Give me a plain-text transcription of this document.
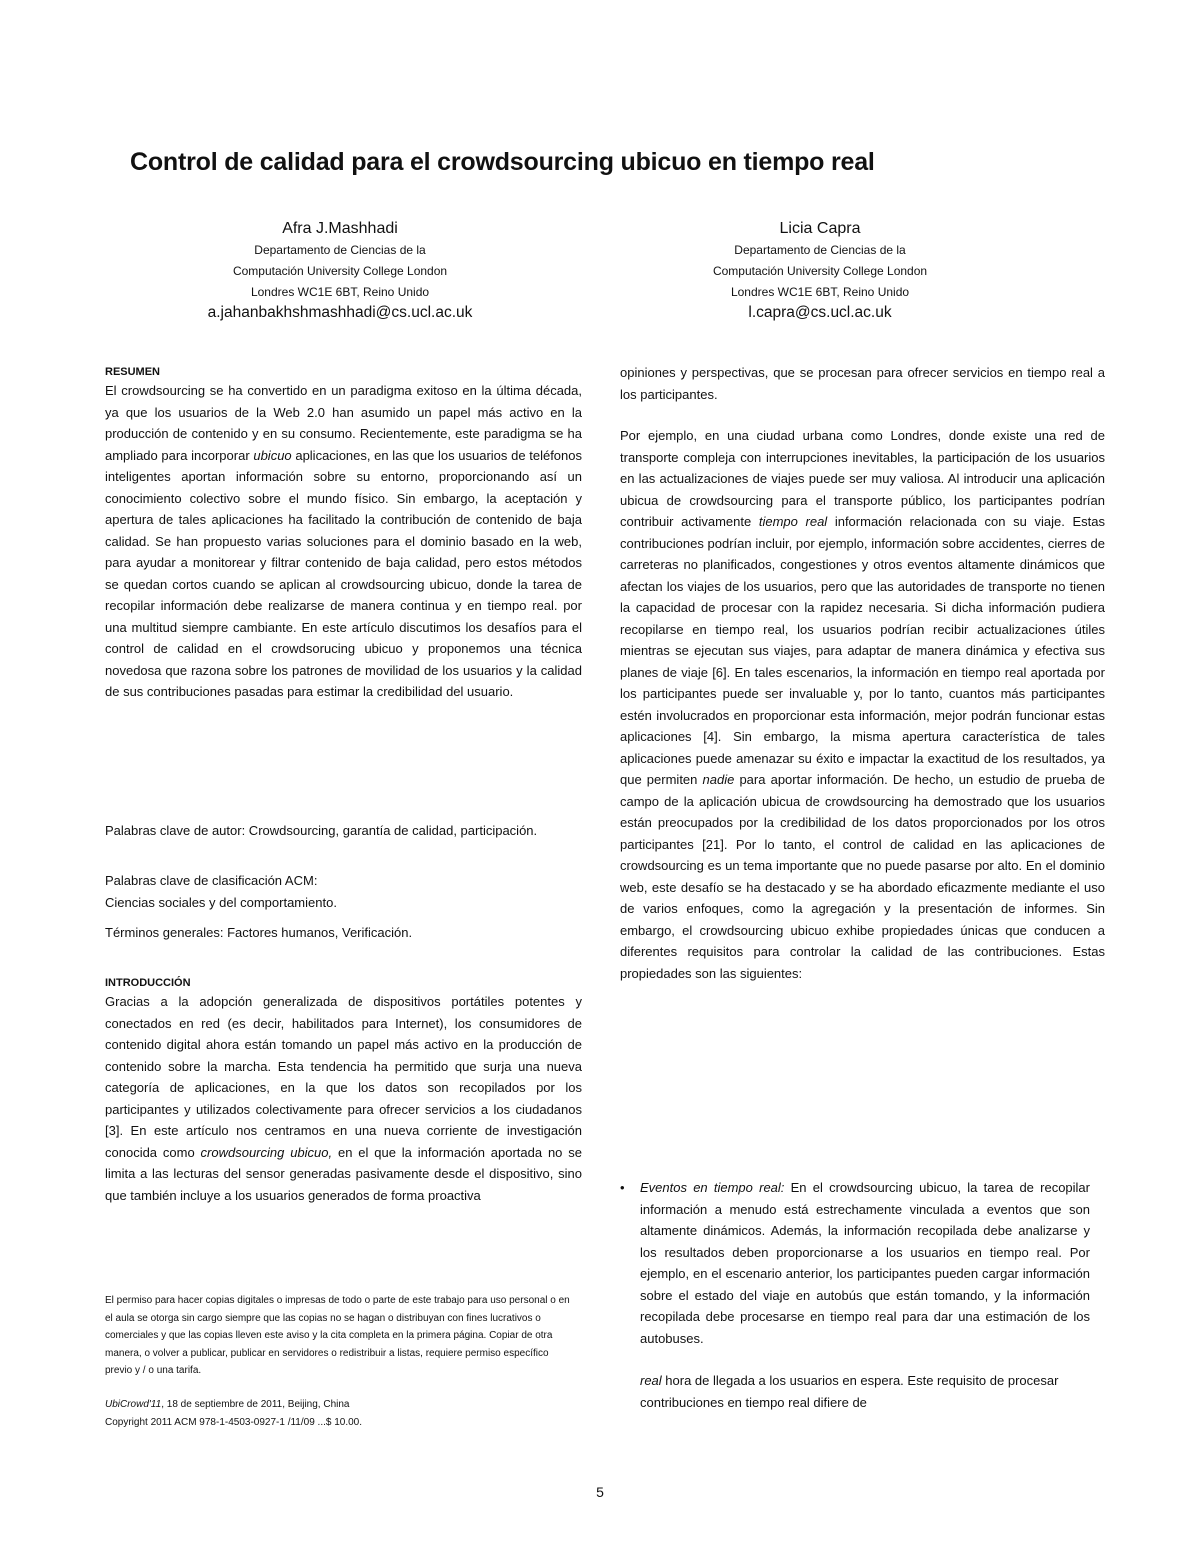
Control de calidad para el crowdsourcing ubicuo en tiempo real
Afra J.Mashhadi
Departamento de Ciencias de la
Computación University College London
Londres WC1E 6BT, Reino Unido
a.jahanbakhshmashhadi@cs.ucl.ac.uk
Licia Capra
Departamento de Ciencias de la
Computación University College London
Londres WC1E 6BT, Reino Unido
l.capra@cs.ucl.ac.uk
RESUMEN

El crowdsourcing se ha convertido en un paradigma exitoso en la última década, ya que los usuarios de la Web 2.0 han asumido un papel más activo en la producción de contenido y en su consumo. Recientemente, este paradigma se ha ampliado para incorporar ubicuo aplicaciones, en las que los usuarios de teléfonos inteligentes aportan información sobre su entorno, proporcionando así un conocimiento colectivo sobre el mundo físico. Sin embargo, la aceptación y apertura de tales aplicaciones ha facilitado la contribución de contenido de baja calidad. Se han propuesto varias soluciones para el dominio basado en la web, para ayudar a monitorear y filtrar contenido de baja calidad, pero estos métodos se quedan cortos cuando se aplican al crowdsourcing ubicuo, donde la tarea de recopilar información debe realizarse de manera continua y en tiempo real. por una multitud siempre cambiante. En este artículo discutimos los desafíos para el control de calidad en el crowdsorucing ubicuo y proponemos una técnica novedosa que razona sobre los patrones de movilidad de los usuarios y la calidad de sus contribuciones pasadas para estimar la credibilidad del usuario.

Palabras clave de autor: Crowdsourcing, garantía de calidad, participación.
Palabras clave de clasificación ACM:
Ciencias sociales y del comportamiento.
Términos generales: Factores humanos, Verificación.
INTRODUCCIÓN

Gracias a la adopción generalizada de dispositivos portátiles potentes y conectados en red (es decir, habilitados para Internet), los consumidores de contenido digital ahora están tomando un papel más activo en la producción de contenido sobre la marcha. Esta tendencia ha permitido que surja una nueva categoría de aplicaciones, en la que los datos son recopilados por los participantes y utilizados colectivamente para ofrecer servicios a los ciudadanos [3]. En este artículo nos centramos en una nueva corriente de investigación conocida como crowdsourcing ubicuo, en el que la información aportada no se limita a las lecturas del sensor generadas pasivamente desde el dispositivo, sino que también incluye a los usuarios generados de forma proactiva

El permiso para hacer copias digitales o impresas de todo o parte de este trabajo para uso personal o en el aula se otorga sin cargo siempre que las copias no se hagan o distribuyan con fines lucrativos o comerciales y que las copias lleven este aviso y la cita completa en la primera página. Copiar de otra manera, o volver a publicar, publicar en servidores o redistribuir a listas, requiere permiso específico previo y / o una tarifa.
UbiCrowd'11, 18 de septiembre de 2011, Beijing, China
Copyright 2011 ACM 978-1-4503-0927-1 /11/09 ...$ 10.00.

opiniones y perspectivas, que se procesan para ofrecer servicios en tiempo real a los participantes.

Por ejemplo, en una ciudad urbana como Londres, donde existe una red de transporte compleja con interrupciones inevitables, la participación de los usuarios en las actualizaciones de viajes puede ser muy valiosa. Al introducir una aplicación ubicua de crowdsourcing para el transporte público, los participantes podrían contribuir activamente tiempo real información relacionada con su viaje. Estas contribuciones podrían incluir, por ejemplo, información sobre accidentes, cierres de carreteras no planificados, congestiones y otros eventos altamente dinámicos que afectan los viajes de los usuarios, pero que las autoridades de transporte no tienen la capacidad de procesar con la rapidez necesaria. Si dicha información pudiera recopilarse en tiempo real, los usuarios podrían recibir actualizaciones útiles mientras se ejecutan sus viajes, para adaptar de manera dinámica y efectiva sus planes de viaje [6]. En tales escenarios, la información en tiempo real aportada por los participantes puede ser invaluable y, por lo tanto, cuantos más participantes estén involucrados en proporcionar esta información, mejor podrán funcionar estas aplicaciones [4]. Sin embargo, la misma apertura característica de tales aplicaciones puede amenazar su éxito e impactar la exactitud de los resultados, ya que permiten nadie para aportar información. De hecho, un estudio de prueba de campo de la aplicación ubicua de crowdsourcing ha demostrado que los usuarios están preocupados por la credibilidad de los datos proporcionados por los otros participantes [21]. Por lo tanto, el control de calidad en las aplicaciones de crowdsourcing es un tema importante que no puede pasarse por alto. En el dominio web, este desafío se ha destacado y se ha abordado eficazmente mediante el uso de varios enfoques, como la agregación y la presentación de informes. Sin embargo, el crowdsourcing ubicuo exhibe propiedades únicas que conducen a diferentes requisitos para controlar la calidad de las contribuciones. Estas propiedades son las siguientes:

• Eventos en tiempo real: En el crowdsourcing ubicuo, la tarea de recopilar información a menudo está estrechamente vinculada a eventos que son altamente dinámicos. Además, la información recopilada debe analizarse y los resultados deben proporcionarse a los usuarios en tiempo real. Por ejemplo, en el escenario anterior, los participantes pueden cargar información sobre el estado del viaje en autobús que están tomando, y la información recopilada debe procesarse en tiempo real para dar una estimación de los autobuses.

real hora de llegada a los usuarios en espera. Este requisito de procesar contribuciones en tiempo real difiere de

5
